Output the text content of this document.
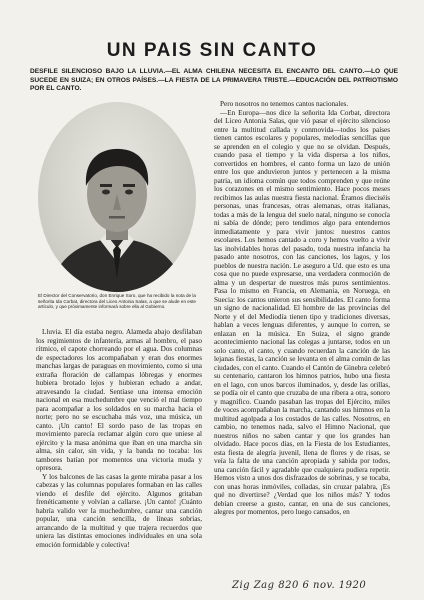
UN PAIS SIN CANTO
DESFILE SILENCIOSO BAJO LA LLUVIA.—EL ALMA CHILENA NECESITA EL ENCANTO DEL CANTO.—LO QUE SUCEDE EN SUIZA; EN OTROS PAÍSES.—LA FIESTA DE LA PRIMAVERA TRISTE.—EDUCACIÓN DEL PATRIOTISMO POR EL CANTO.
El Director del Conservatorio, don Enrique Soro, que ha recibido la nota de la señorita Ida Corbat, directora del Liceo Antonia Salas, a que se alude en este artículo, y que próximamente informará sobre ella al Gobierno.

Lluvia. El día estaba negro. Alameda abajo desfilaban los regimientos de infantería, armas al hombro, el paso rítmico, el capote chorreando por el agua. Dos columnas de espectadores los acompañaban y eran dos enormes manchas largas de paraguas en movimiento, como si una extraña floración de callampas lóbregas y enormes hubiera brotado lejos y hubieran echado a andar, atravesando la ciudad. Sentíase una intensa emoción nacional en esa muchedumbre que venció el mal tiempo para acompañar a los soldados en su marcha hacia el norte; pero no se escuchaba más voz, una música, un canto. ¡Un canto! El sordo paso de las tropas en movimiento parecía reclamar algún coro que uniese al ejército y la masa anónima que iban en una marcha sin alma, sin calor, sin vida, y la banda no tocaba: los tambores batían por momentos una victoria muda y opresora.

Y los balcones de las casas la gente miraba pasar a los cabezas y las columnas populares formaban en las calles viendo el desfile del ejército. Algunos gritaban frenéticamente y volvían a callarse. ¡Un canto! ¡Cuánto habría valido ver la muchedumbre, cantar una canción popular, una canción sencilla, de líneas sobrias, arrancando de la multitud y que trajera recuerdos que uniera las distintas emociones individuales en una sola emoción formidable y colectiva!

Pero nosotros no tenemos cantos nacionales.

—En Europa—nos dice la señorita Ida Corbat, directora del Liceo Antonia Salas, que vió pasar el ejército silencioso entre la multitud callada y conmovida—todos los países tienen cantos escolares y populares, melodías sencillas que se aprenden en el colegio y que no se olvidan. Después, cuando pasa el tiempo y la vida dispersa a los niños, convertidos en hombres, el canto forma un lazo de unión entre los que anduvieron juntos y pertenecen a la misma patria, un idioma común que todos comprenden y que reúne los corazones en el mismo sentimiento. Hace pocos meses recibimos las aulas nuestra fiesta nacional. Éramos dieciséis personas, unas francesas, otras alemanas, otras italianas, todas a más de la lengua del suelo natal, ninguno se conocía ni sabía de dónde; pero tendimos algo para entendernos inmediatamente y para vivir juntos: nuestros cantos escolares. Los hemos cantado a coro y hemos vuelto a vivir las inolvidables horas del pasado, toda nuestra infancia ha pasado ante nosotros, con las canciones, los lagos, y los pueblos de nuestra nación. Le aseguro a Ud. que esto es una cosa que no puede expresarse, una verdadera conmoción de alma y un despertar de nuestros más puros sentimientos. Pasa lo mismo en Francia, en Alemania, en Noruega, en Suecia: los cantos unieron sus sensibilidades. El canto forma un signo de nacionalidad. El hombre de las provincias del Norte y el del Mediodía tienen tipo y tradiciones diversas, hablan a veces lenguas diferentes, y aunque lo corren, se enlazan en la música. En Suiza, el signo grande acontecimiento nacional las colegas a juntarse, todos en un solo canto, el canto, y cuando recuerdan la canción de las lejanas fiestas, la canción se levanta en el alma común de las ciudades, con el canto. Cuando el Cantón de Ginebra celebró su centenario, cantaron los himnos patrios, hubo una fiesta en el lago, con unos barcos iluminados, y, desde las orillas, se podía oír el canto que cruzaba de una ribera a otra, sonoro y magnífico. Cuando pasaban las tropas del Ejército, miles de voces acompañaban la marcha, cantando sus himnos en la multitud agolpada a los costados de las calles. Nosotros, en cambio, no tenemos nada, salvo el Himno Nacional, que nuestros niños no saben cantar y que los grandes han olvidado. Hace pocos días, en la Fiesta de los Estudiantes, esta fiesta de alegría juvenil, llena de flores y de risas, se veía la falta de una canción apropiada y sabida por todos, una canción fácil y agradable que cualquiera pudiera repetir. Hemos visto a unos dos disfrazados de sobrinas, y se tocaba, con unas horas inmóviles, colladas, sin cruzar palabra, ¡Es qué no divertirse? ¿Verdad que los niños más? Y todos debían creerse a gusto, cantar, en una de sus canciones, alegres por momentos, pero luego cansados, en

Zig Zag 820 6 nov. 1920
